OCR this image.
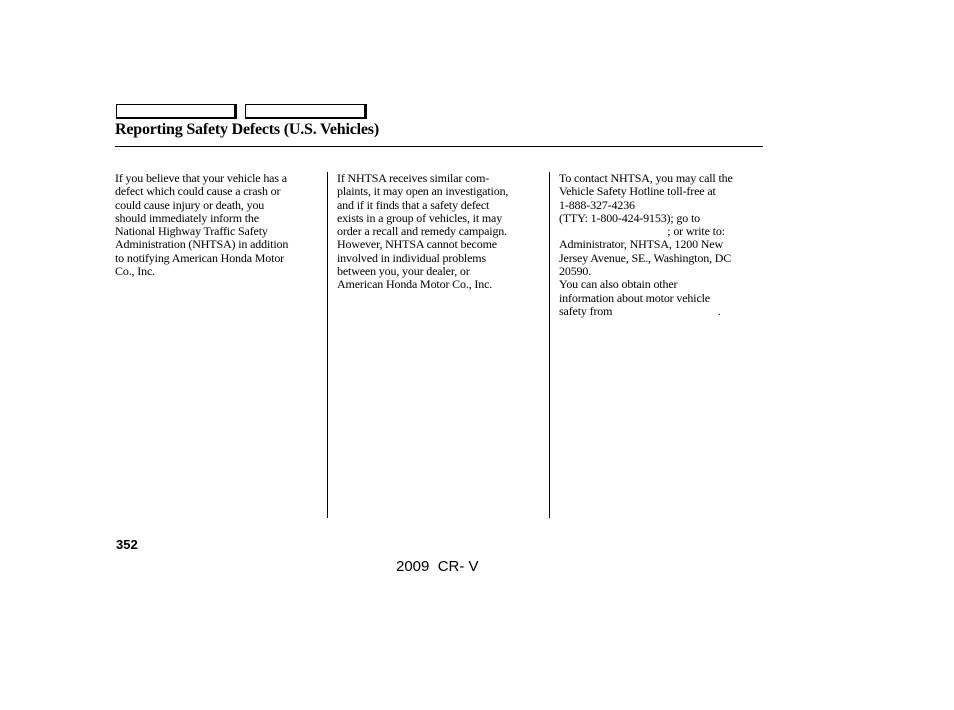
Reporting Safety Defects (U.S. Vehicles)
If you believe that your vehicle has a
defect which could cause a crash or
could cause injury or death, you
should immediately inform the
National Highway Traffic Safety
Administration (NHTSA) in addition
to notifying American Honda Motor
Co., Inc.
If NHTSA receives similar com-
plaints, it may open an investigation,
and if it finds that a safety defect
exists in a group of vehicles, it may
order a recall and remedy campaign.
However, NHTSA cannot become
involved in individual problems
between you, your dealer, or
American Honda Motor Co., Inc.
To contact NHTSA, you may call the
Vehicle Safety Hotline toll-free at
1-888-327-4236
(TTY: 1-800-424-9153); go to
; or write to:
Administrator, NHTSA, 1200 New
Jersey Avenue, SE., Washington, DC
20590.
You can also obtain other
information about motor vehicle
safety from                                     .
352
2009  CR- V
